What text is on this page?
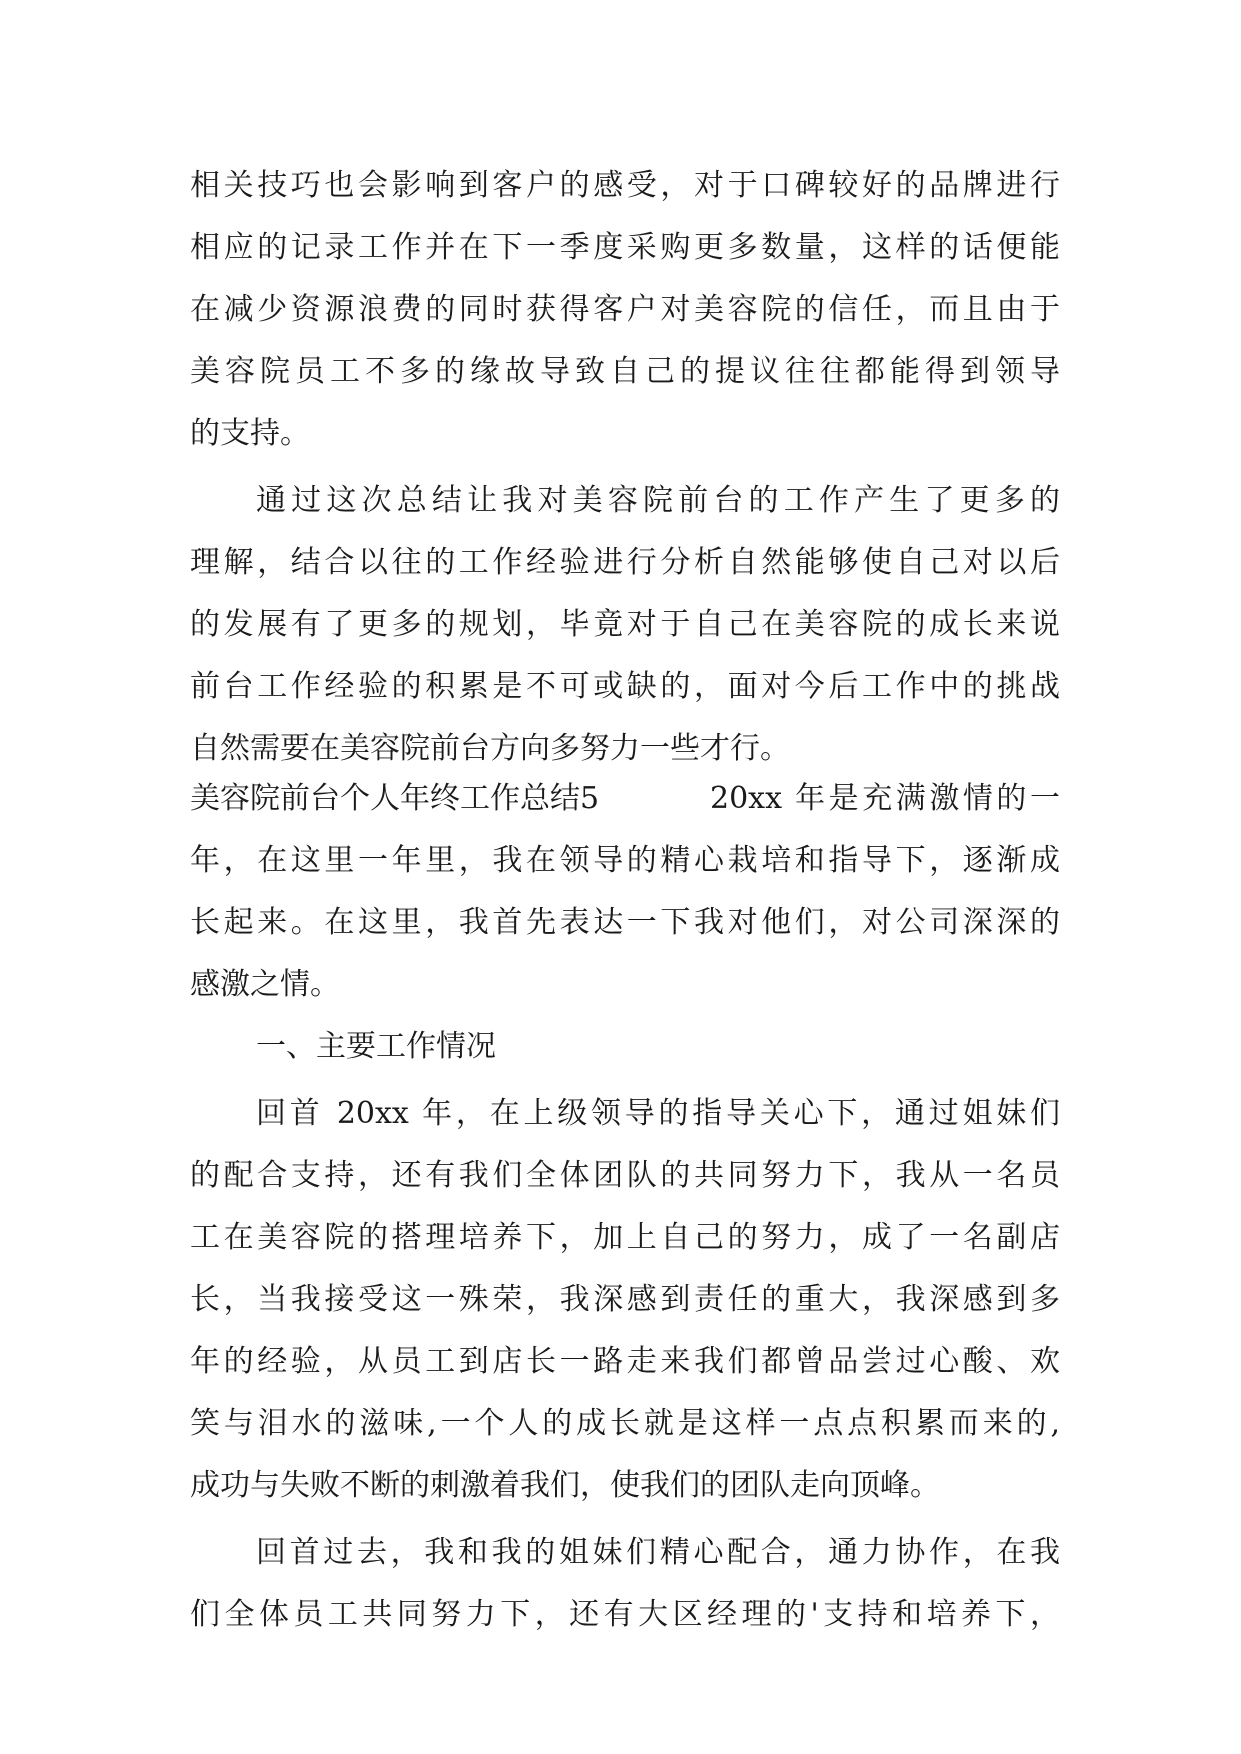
相关技巧也会影响到客户的感受，对于口碑较好的品牌进行
相应的记录工作并在下一季度采购更多数量，这样的话便能
在减少资源浪费的同时获得客户对美容院的信任，而且由于
美容院员工不多的缘故导致自己的提议往往都能得到领导
的支持。
通过这次总结让我对美容院前台的工作产生了更多的
理解，结合以往的工作经验进行分析自然能够使自己对以后
的发展有了更多的规划，毕竟对于自己在美容院的成长来说
前台工作经验的积累是不可或缺的，面对今后工作中的挑战
自然需要在美容院前台方向多努力一些才行。
美容院前台个人年终工作总结5	20xx 年是充满激情的一
年，在这里一年里，我在领导的精心栽培和指导下，逐渐成
长起来。在这里，我首先表达一下我对他们，对公司深深的
感激之情。
一、主要工作情况
回首 20xx 年，在上级领导的指导关心下，通过姐妹们
的配合支持，还有我们全体团队的共同努力下，我从一名员
工在美容院的搭理培养下，加上自己的努力，成了一名副店
长，当我接受这一殊荣，我深感到责任的重大，我深感到多
年的经验，从员工到店长一路走来我们都曾品尝过心酸、欢
笑与泪水的滋味,一个人的成长就是这样一点点积累而来的,
成功与失败不断的刺激着我们，使我们的团队走向顶峰。
回首过去，我和我的姐妹们精心配合，通力协作，在我
们全体员工共同努力下，还有大区经理的'支持和培养下，
